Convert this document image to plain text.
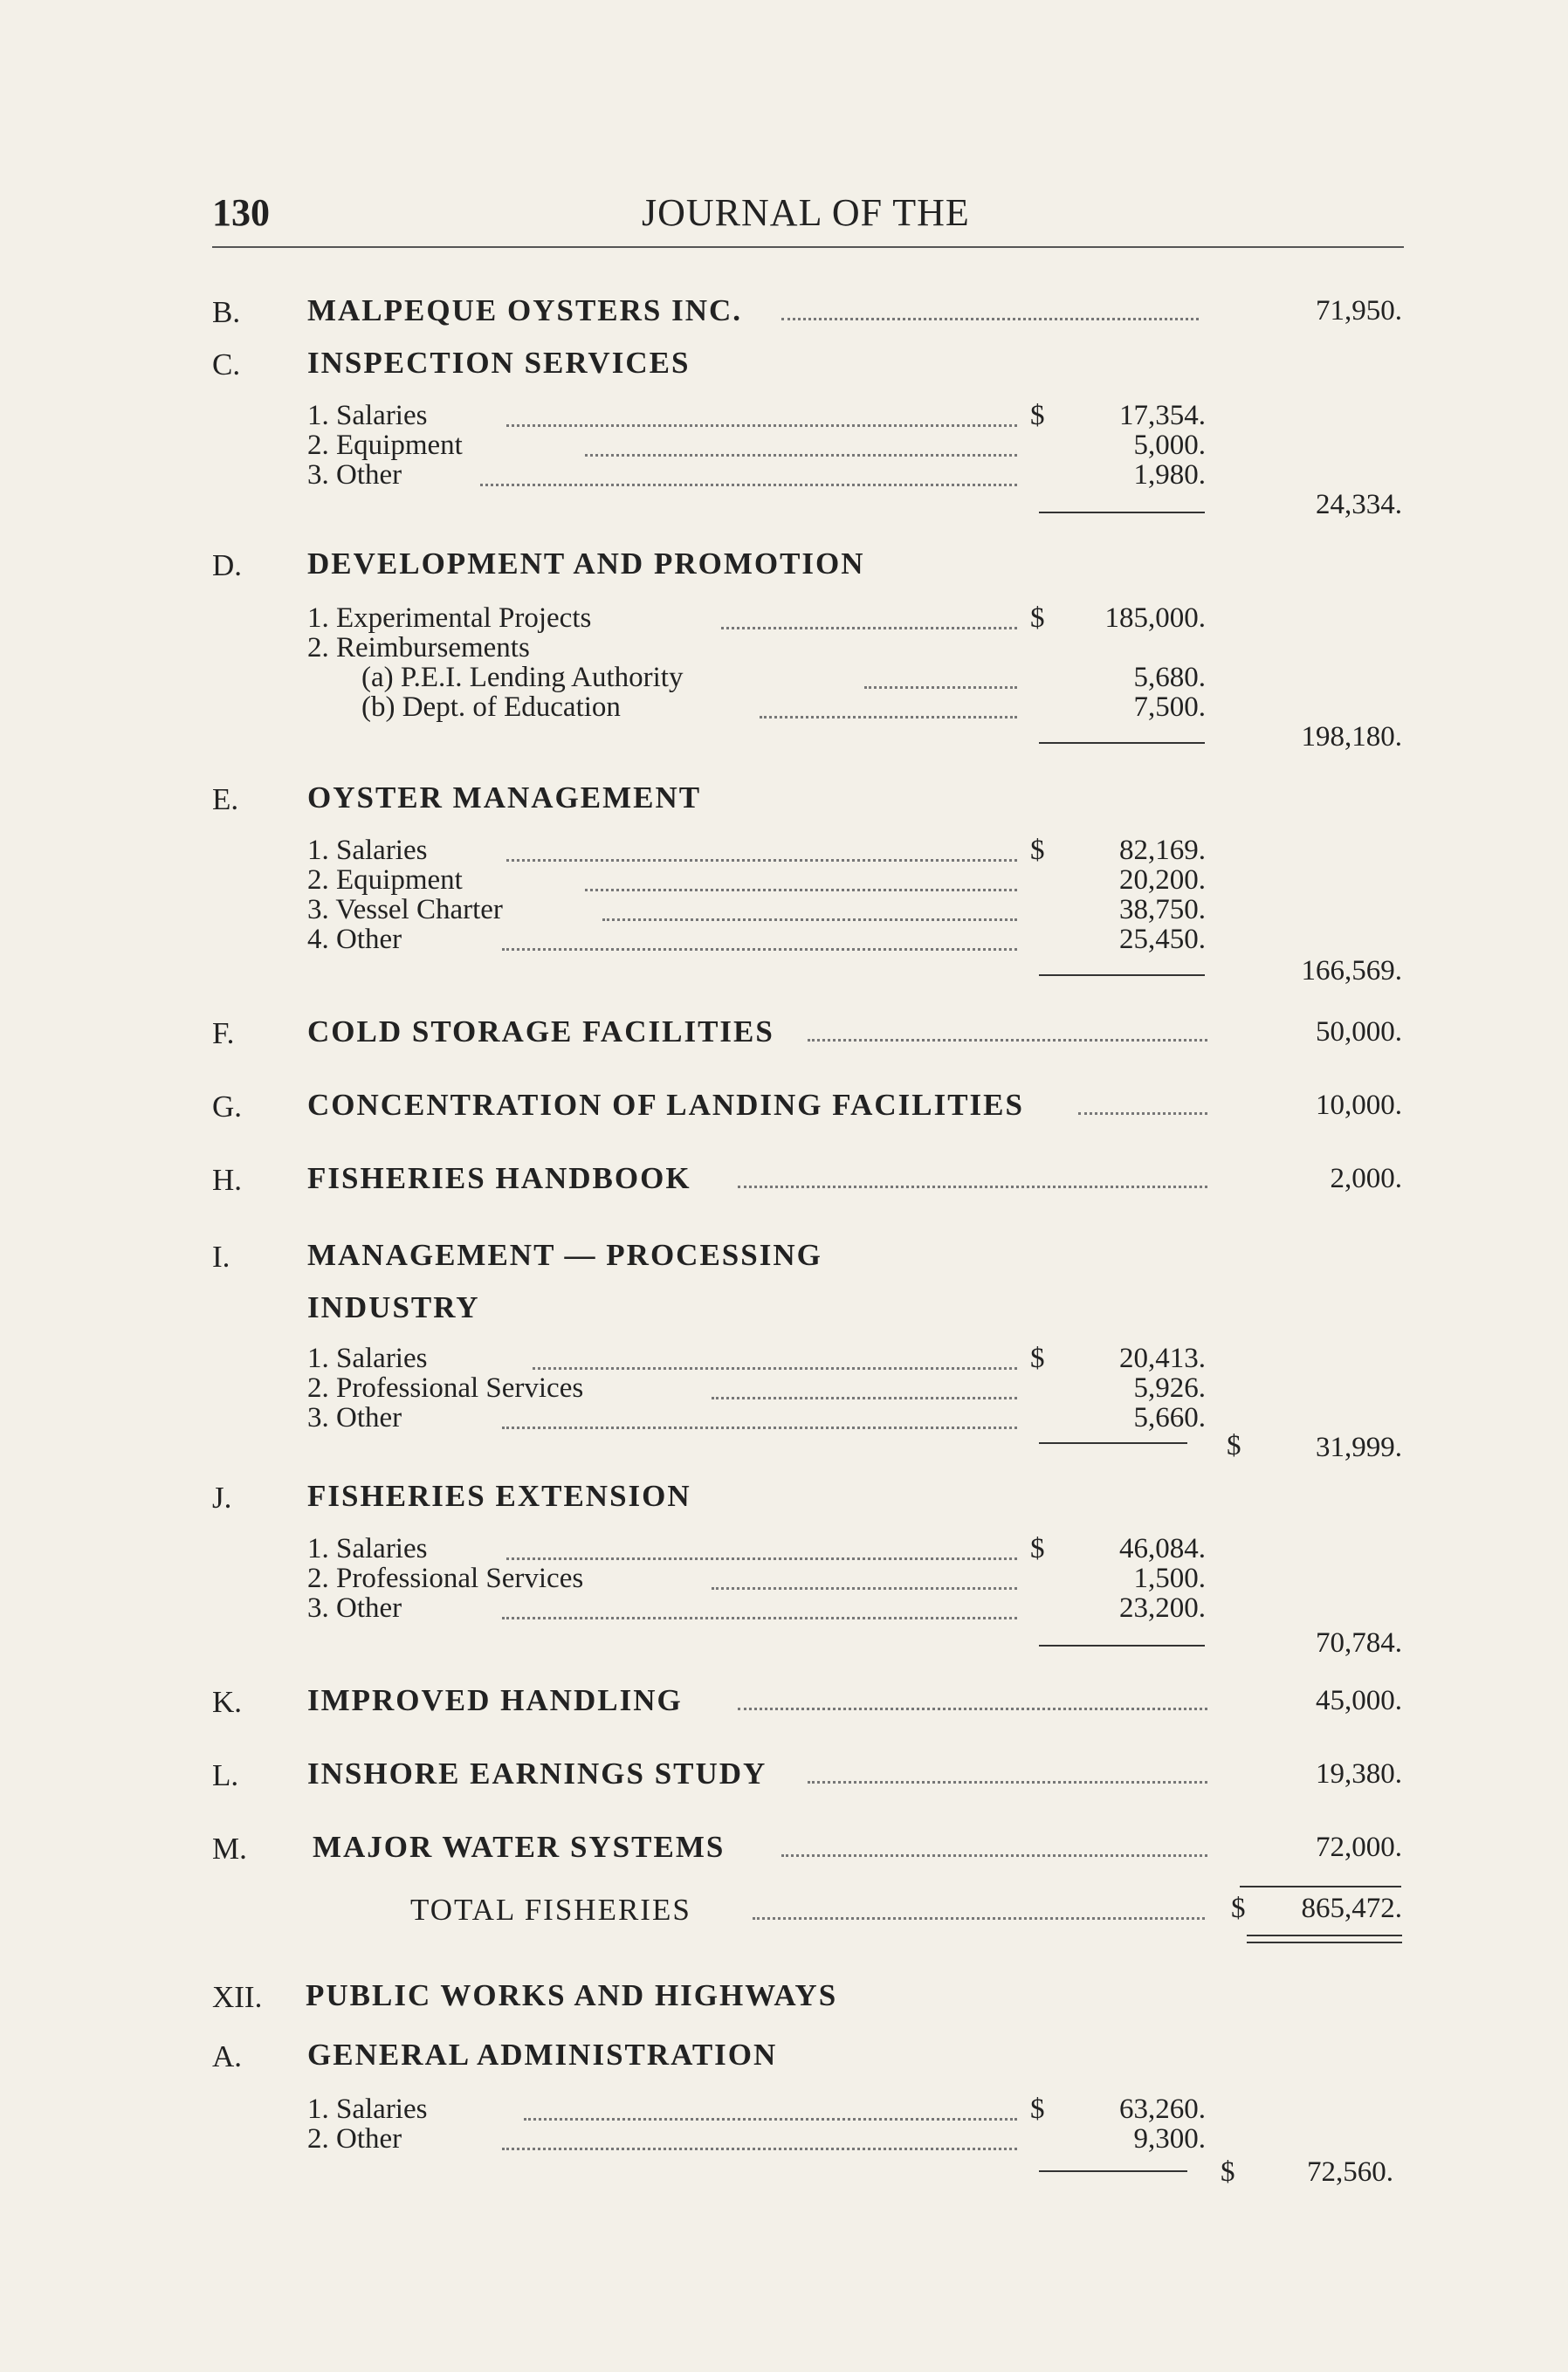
130	JOURNAL OF THE
B. MALPEQUE OYSTERS INC.	71,950.
C. INSPECTION SERVICES
1. Salaries	$	17,354.
2. Equipment	5,000.
3. Other	1,980.
24,334.
D. DEVELOPMENT AND PROMOTION
1. Experimental Projects	$ 185,000.
2. Reimbursements
(a) P.E.I. Lending Authority	5,680.
(b) Dept. of Education	7,500.
198,180.
E. OYSTER MANAGEMENT
1. Salaries	$	82,169.
2. Equipment	20,200.
3. Vessel Charter	38,750.
4. Other	25,450.
166,569.
F. COLD STORAGE FACILITIES	50,000.
G. CONCENTRATION OF LANDING FACILITIES	10,000.
H. FISHERIES HANDBOOK	2,000.
I.	MANAGEMENT — PROCESSING
INDUSTRY
1. Salaries	$	20,413.
2. Professional Services	5,926.
3. Other	5,660.
$	31,999.
J. FISHERIES EXTENSION
1. Salaries	$	46,084.
2. Professional Services	1,500.
3. Other	23,200.
70,784.
K. IMPROVED HANDLING	45,000.
L. INSHORE EARNINGS STUDY	19,380.
M. MAJOR WATER SYSTEMS	72,000.
TOTAL FISHERIES	$ 865,472.
XII. PUBLIC WORKS AND HIGHWAYS
A. GENERAL ADMINISTRATION
1. Salaries	$	63,260.
2. Other	9,300.
$	72,560.
